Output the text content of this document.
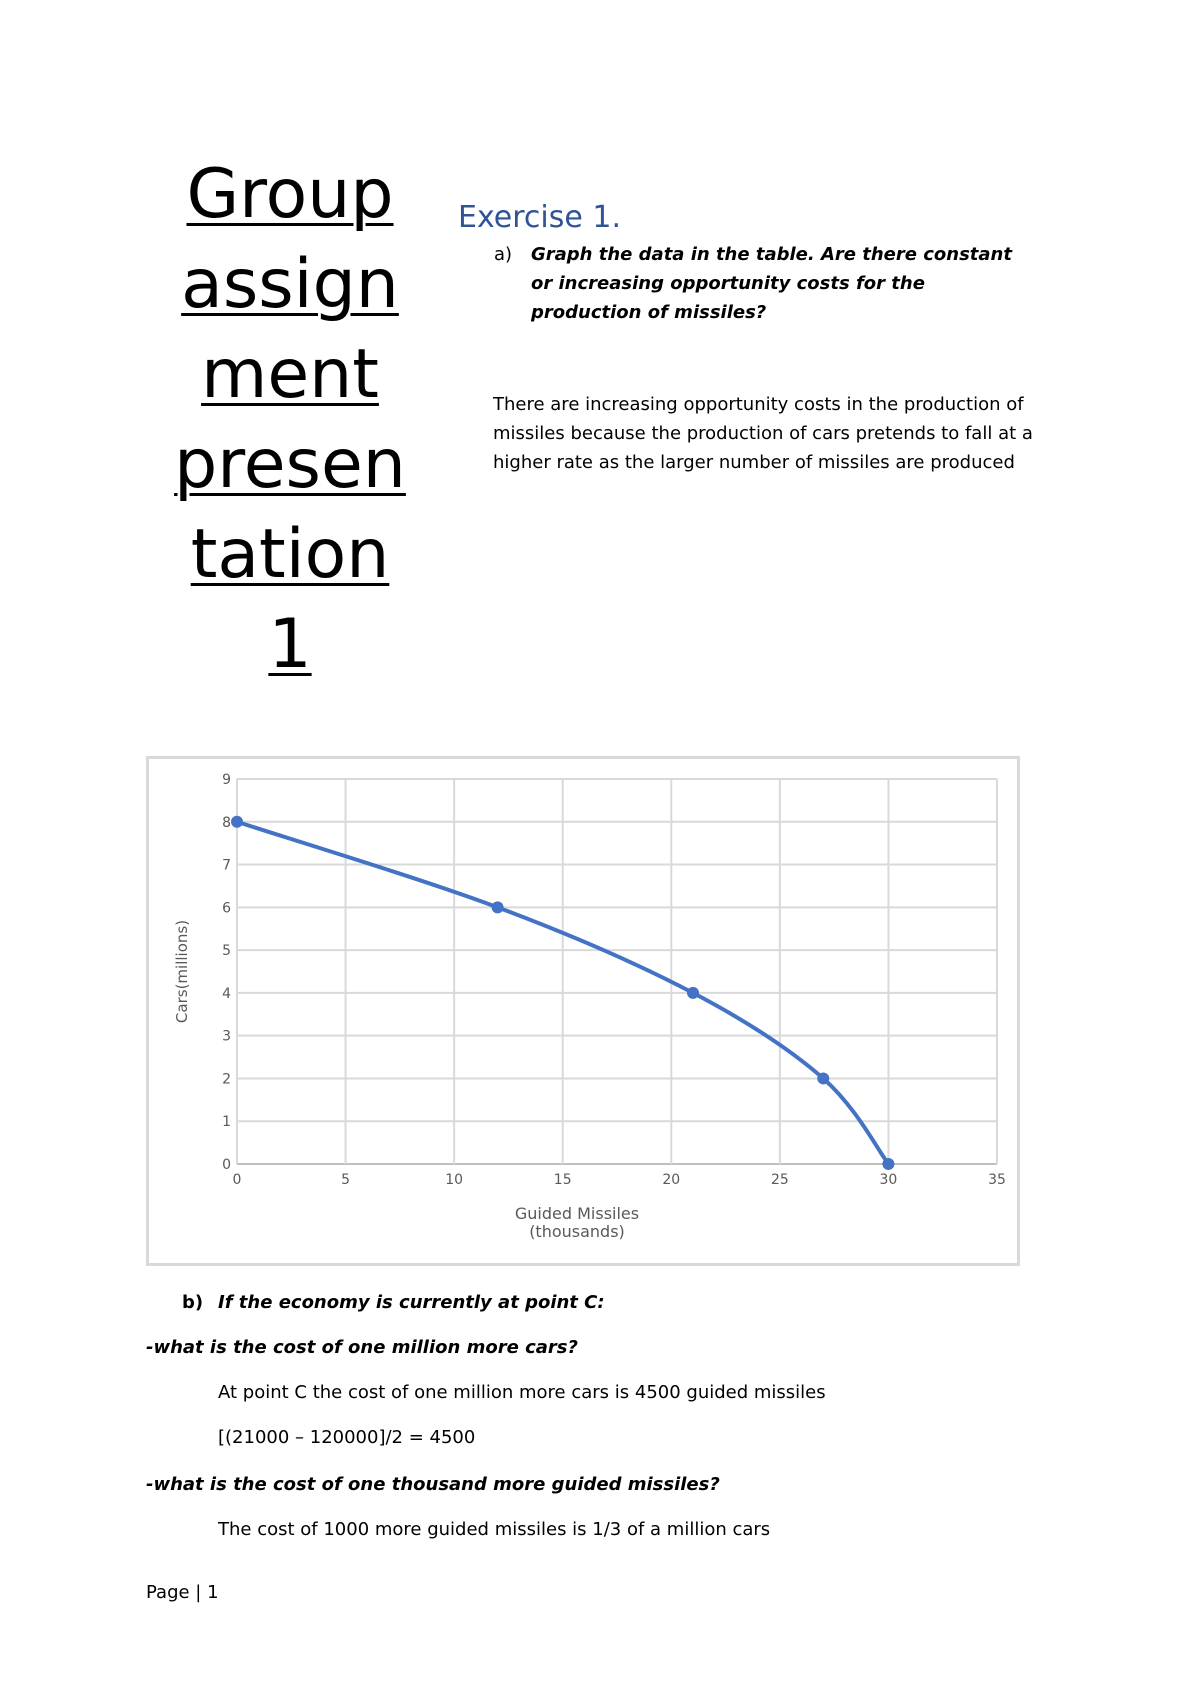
Group
assign
ment
presen
tation
1
Exercise 1.
a) Graph the data in the table. Are there constant or increasing opportunity costs for the production of missiles?
There are increasing opportunity costs in the production of missiles because the production of cars pretends to fall at a higher rate as the larger number of missiles are produced
0
1
2
3
4
5
6
7
8
9
0	5	10	15	20	25	30	35
Cars(millions)
Guided Missiles
(thousands)
b) If the economy is currently at point C:
-what is the cost of one million more cars?
At point C the cost of one million more cars is 4500 guided missiles
[(21000 – 120000]/2 = 4500
-what is the cost of one thousand more guided missiles?
The cost of 1000 more guided missiles is 1/3 of a million cars
Page | 1
